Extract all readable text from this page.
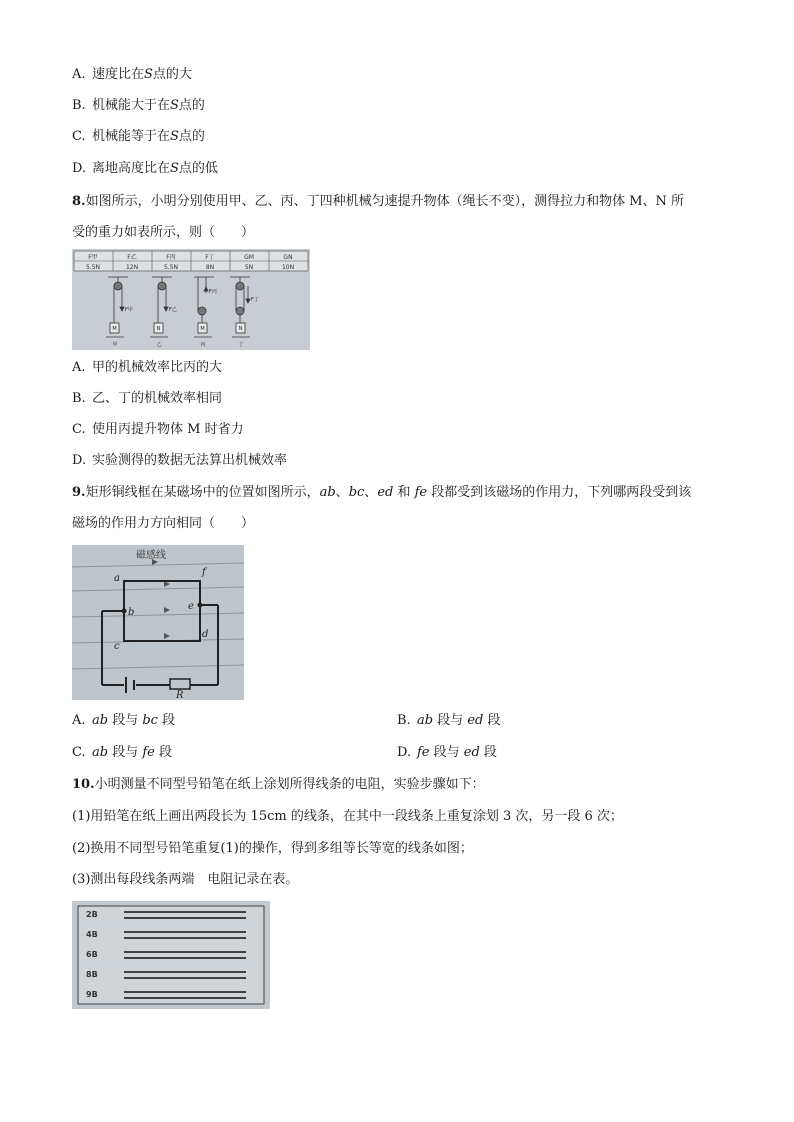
A. 速度比在S点的大
B. 机械能大于在S点的
C. 机械能等于在S点的
D. 离地高度比在S点的低
8.如图所示，小明分别使用甲、乙、丙、丁四种机械匀速提升物体（绳长不变），测得拉力和物体 M、N 所
受的重力如表所示，则（　　）
F甲	F乙	F丙	F丁	GM	GN
5.5N	12N	5.5N	8N	5N	10N
M	N	M	N
F甲	F乙
F丙
F丁
甲	乙	丙	丁
A. 甲的机械效率比丙的大
B. 乙、丁的机械效率相同
C. 使用丙提升物体 M 时省力
D. 实验测得的数据无法算出机械效率
9.矩形铜线框在某磁场中的位置如图所示，ab、bc、ed 和 fe 段都受到该磁场的作用力，下列哪两段受到该
磁场的作用力方向相同（　　）
磁感线
a
b
c
d
e
f
R
A. ab 段与 bc 段	B. ab 段与 ed 段
C. ab 段与 fe 段	D. fe 段与 ed 段
10.小明测量不同型号铅笔在纸上涂划所得线条的电阻，实验步骤如下：
(1)用铅笔在纸上画出两段长为 15cm 的线条，在其中一段线条上重复涂划 3 次，另一段 6 次；
(2)换用不同型号铅笔重复(1)的操作，得到多组等长等宽的线条如图；
(3)测出每段线条两端　电阻记录在表。
2B
4B
6B
8B
9B
